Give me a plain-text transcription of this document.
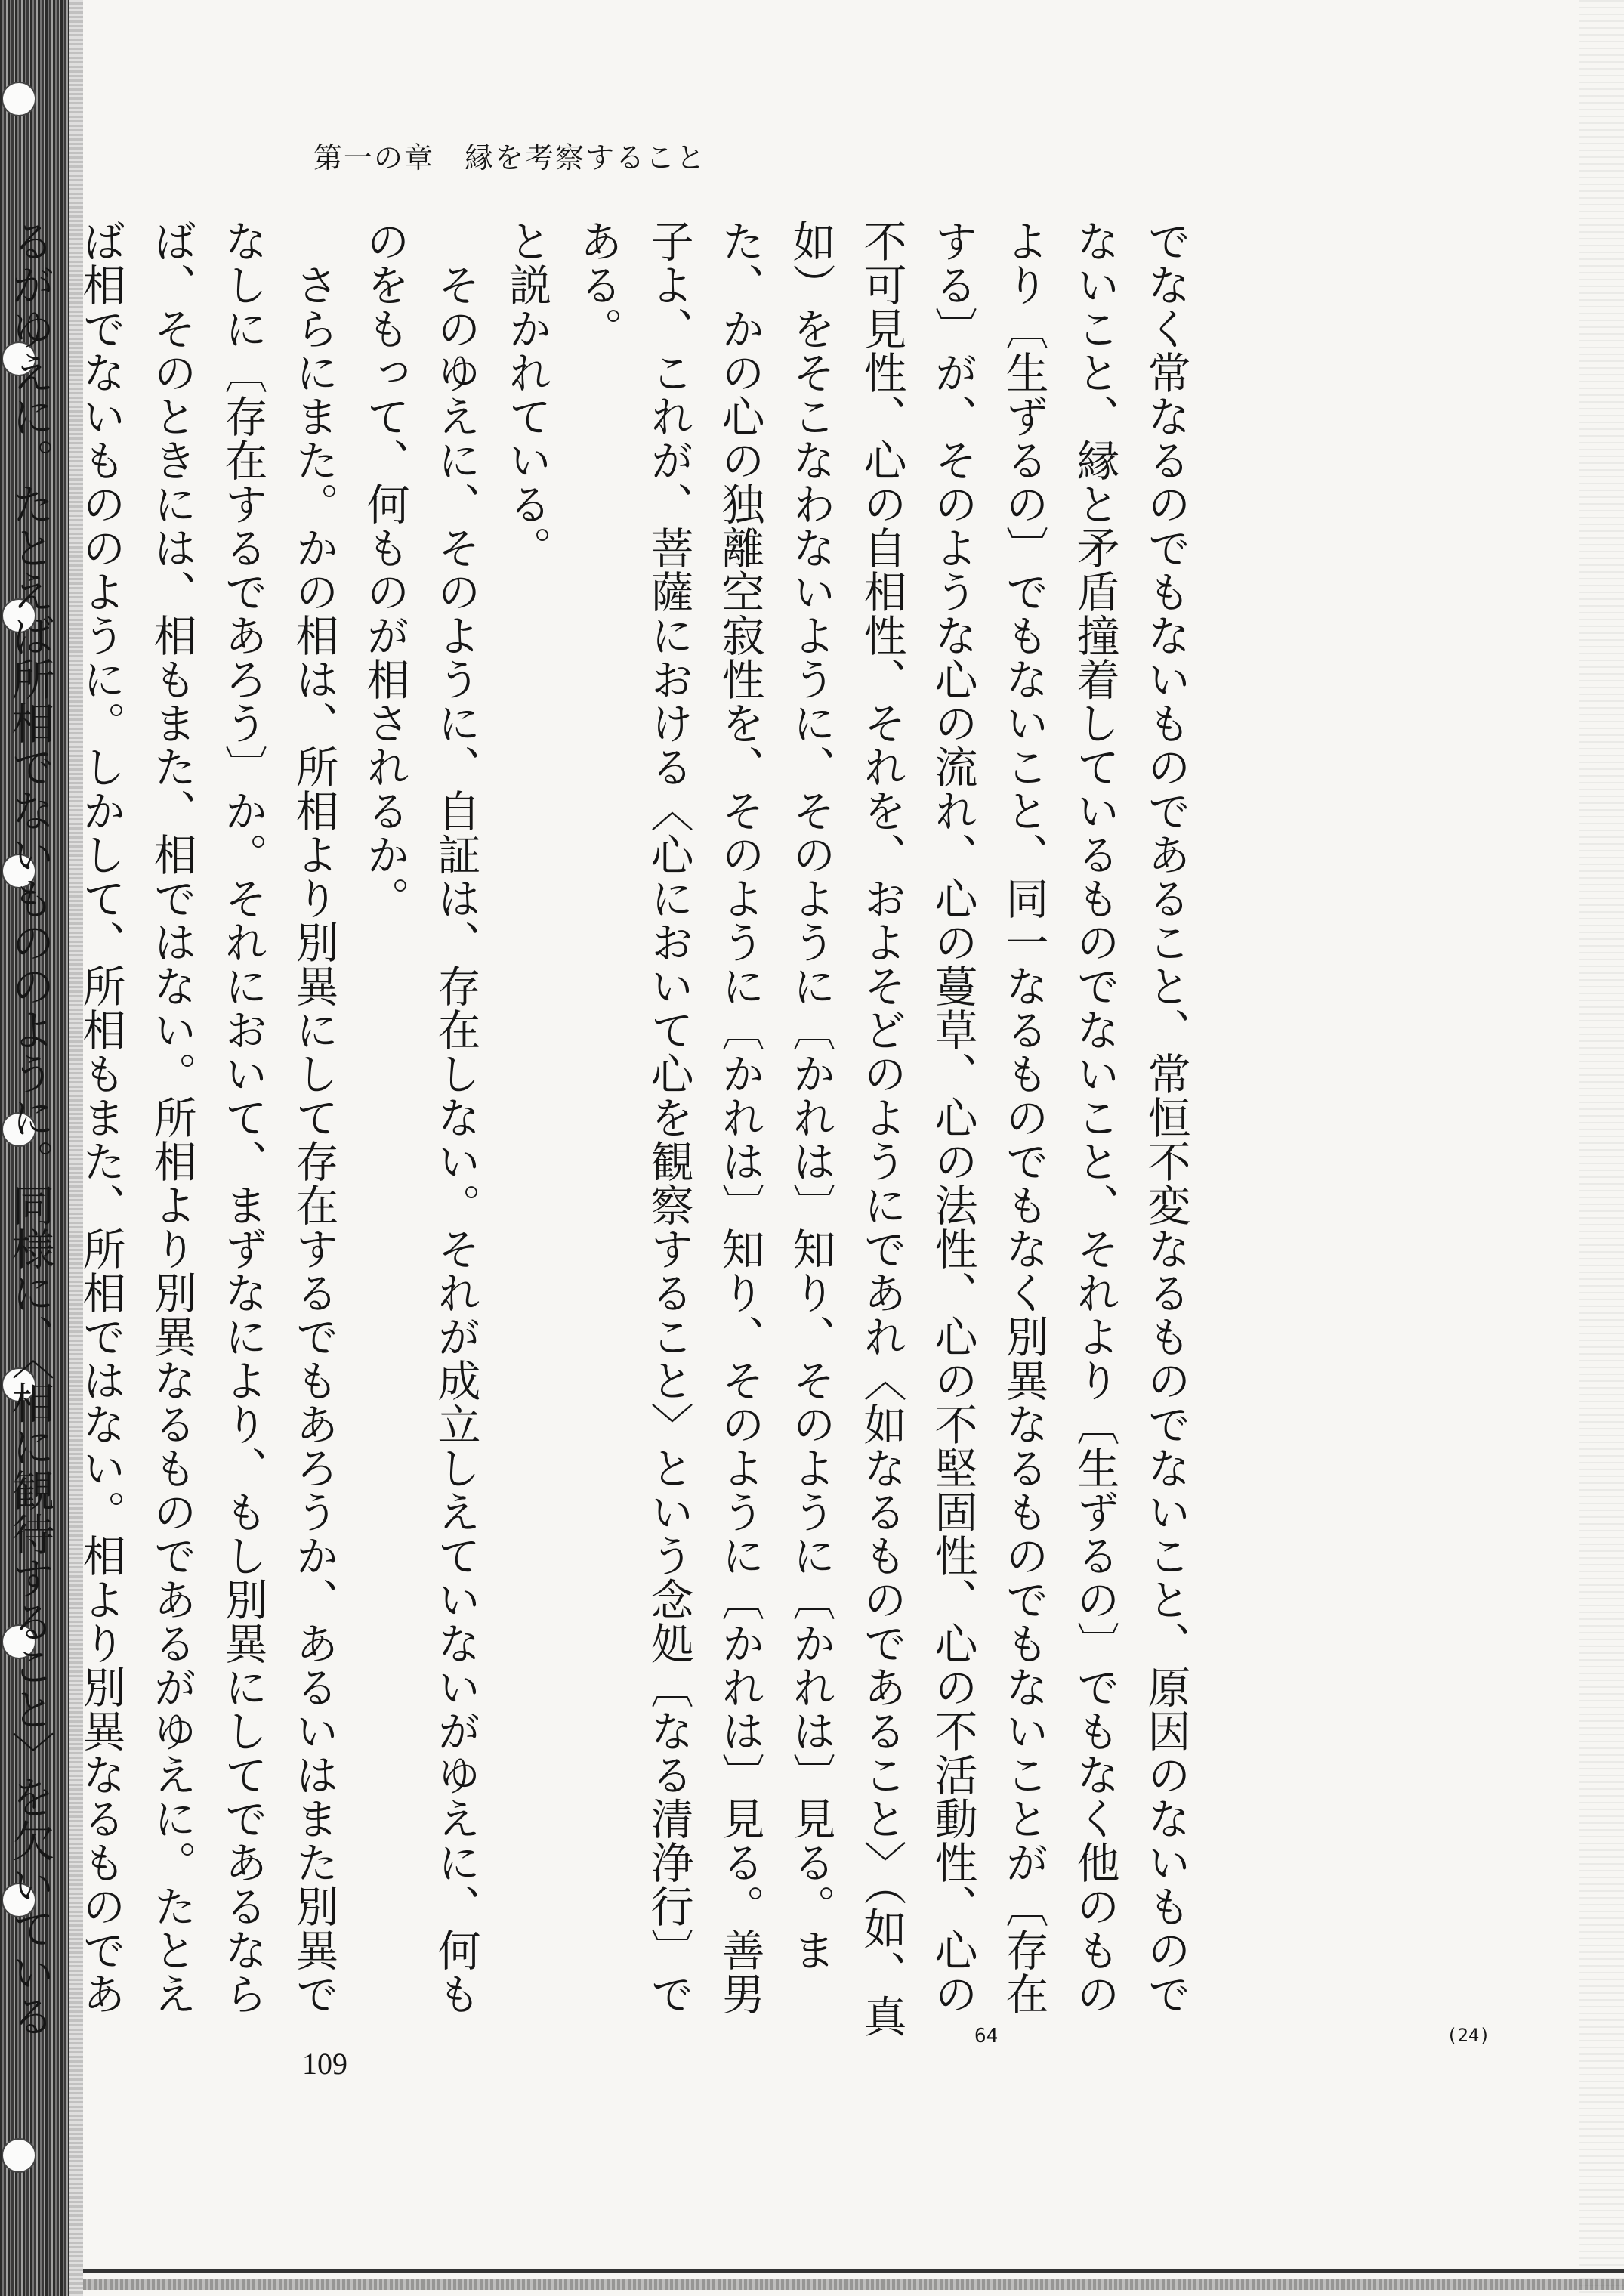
第一の章　縁を考察すること

でなく常なるのでもないものであること、常恒不変なるものでないこと、原因のないものでないこと、縁と矛盾撞着しているものでないこと、それより〔生ずるの〕でもなく他のものより〔生ずるの〕でもないこと、同一なるものでもなく別異なるものでもないことが〔存在する〕が、そのような心の流れ、心の蔓草、心の法性、心の不堅固性、心の不活動性、心の不可見性、心の自相性、それを、およそどのようにであれ〈如なるものであること〉（如、真如）をそこなわないように、そのように〔かれは〕知り、そのように〔かれは〕見る。また、かの心の独離空寂性を、そのように〔かれは〕知り、そのように〔かれは〕見る。善男子よ、これが、菩薩における〈心において心を観察すること〉という念処〔なる清浄行〕である。

と説かれている。

　そのゆえに、そのように、自証は、存在しない。それが成立しえていないがゆえに、何ものをもって、何ものが相されるか。

　さらにまた。かの相は、所相より別異にして存在するでもあろうか、あるいはまた別異でなしに〔存在するであろう〕か。それにおいて、まずなにより、もし別異にしてであるならば、そのときには、相もまた、相ではない。所相より別異なるものであるがゆえに。たとえば相でないもののように。しかして、所相もまた、所相ではない。相より別異なるものであるがゆえに。たとえば所相でないもののように。同様に、〈相に観待すること〉を欠いている	(24)
64
109
